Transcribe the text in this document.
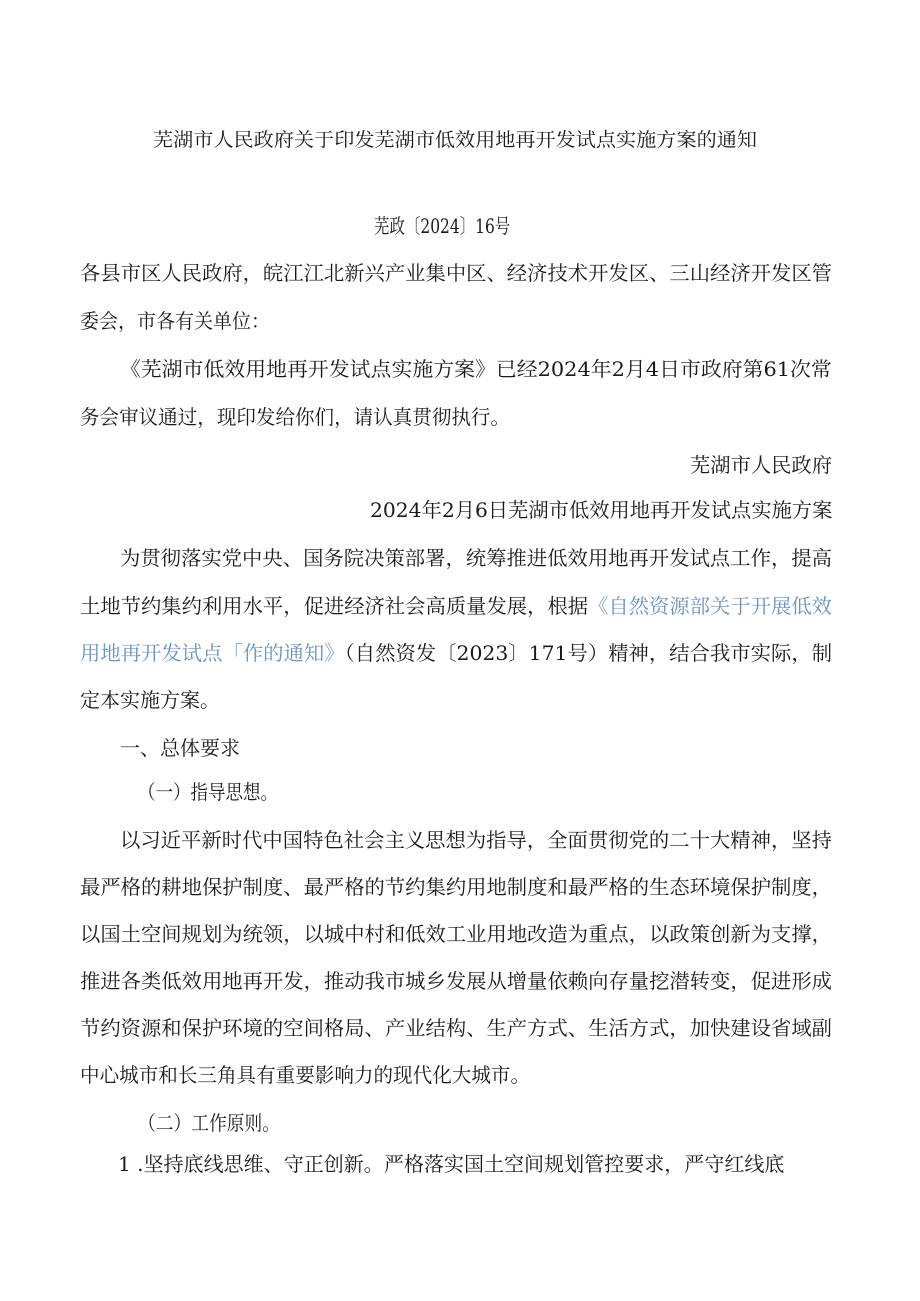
芜湖市人民政府关于印发芜湖市低效用地再开发试点实施方案的通知
芜政〔2024〕16号
各县市区人民政府，皖江江北新兴产业集中区、经济技术开发区、三山经济开发区管
委会，市各有关单位：
《芜湖市低效用地再开发试点实施方案》已经2024年2月4日市政府第61次常
务会审议通过，现印发给你们，请认真贯彻执行。
芜湖市人民政府
2024年2月6日芜湖市低效用地再开发试点实施方案
为贯彻落实党中央、国务院决策部署，统筹推进低效用地再开发试点工作，提高
土地节约集约利用水平，促进经济社会高质量发展，根据《自然资源部关于开展低效
用地再开发试点「作的通知》（自然资发〔2023〕171号）精神，结合我市实际，制
定本实施方案。
一、总体要求
（一）指导思想。
以习近平新时代中国特色社会主义思想为指导，全面贯彻党的二十大精神，坚持
最严格的耕地保护制度、最严格的节约集约用地制度和最严格的生态环境保护制度，
以国土空间规划为统领，以城中村和低效工业用地改造为重点，以政策创新为支撑，
推进各类低效用地再开发，推动我市城乡发展从增量依赖向存量挖潜转变，促进形成
节约资源和保护环境的空间格局、产业结构、生产方式、生活方式，加快建设省域副
中心城市和长三角具有重要影响力的现代化大城市。
（二）工作原则。
1 .坚持底线思维、守正创新。严格落实国土空间规划管控要求，严守红线底
